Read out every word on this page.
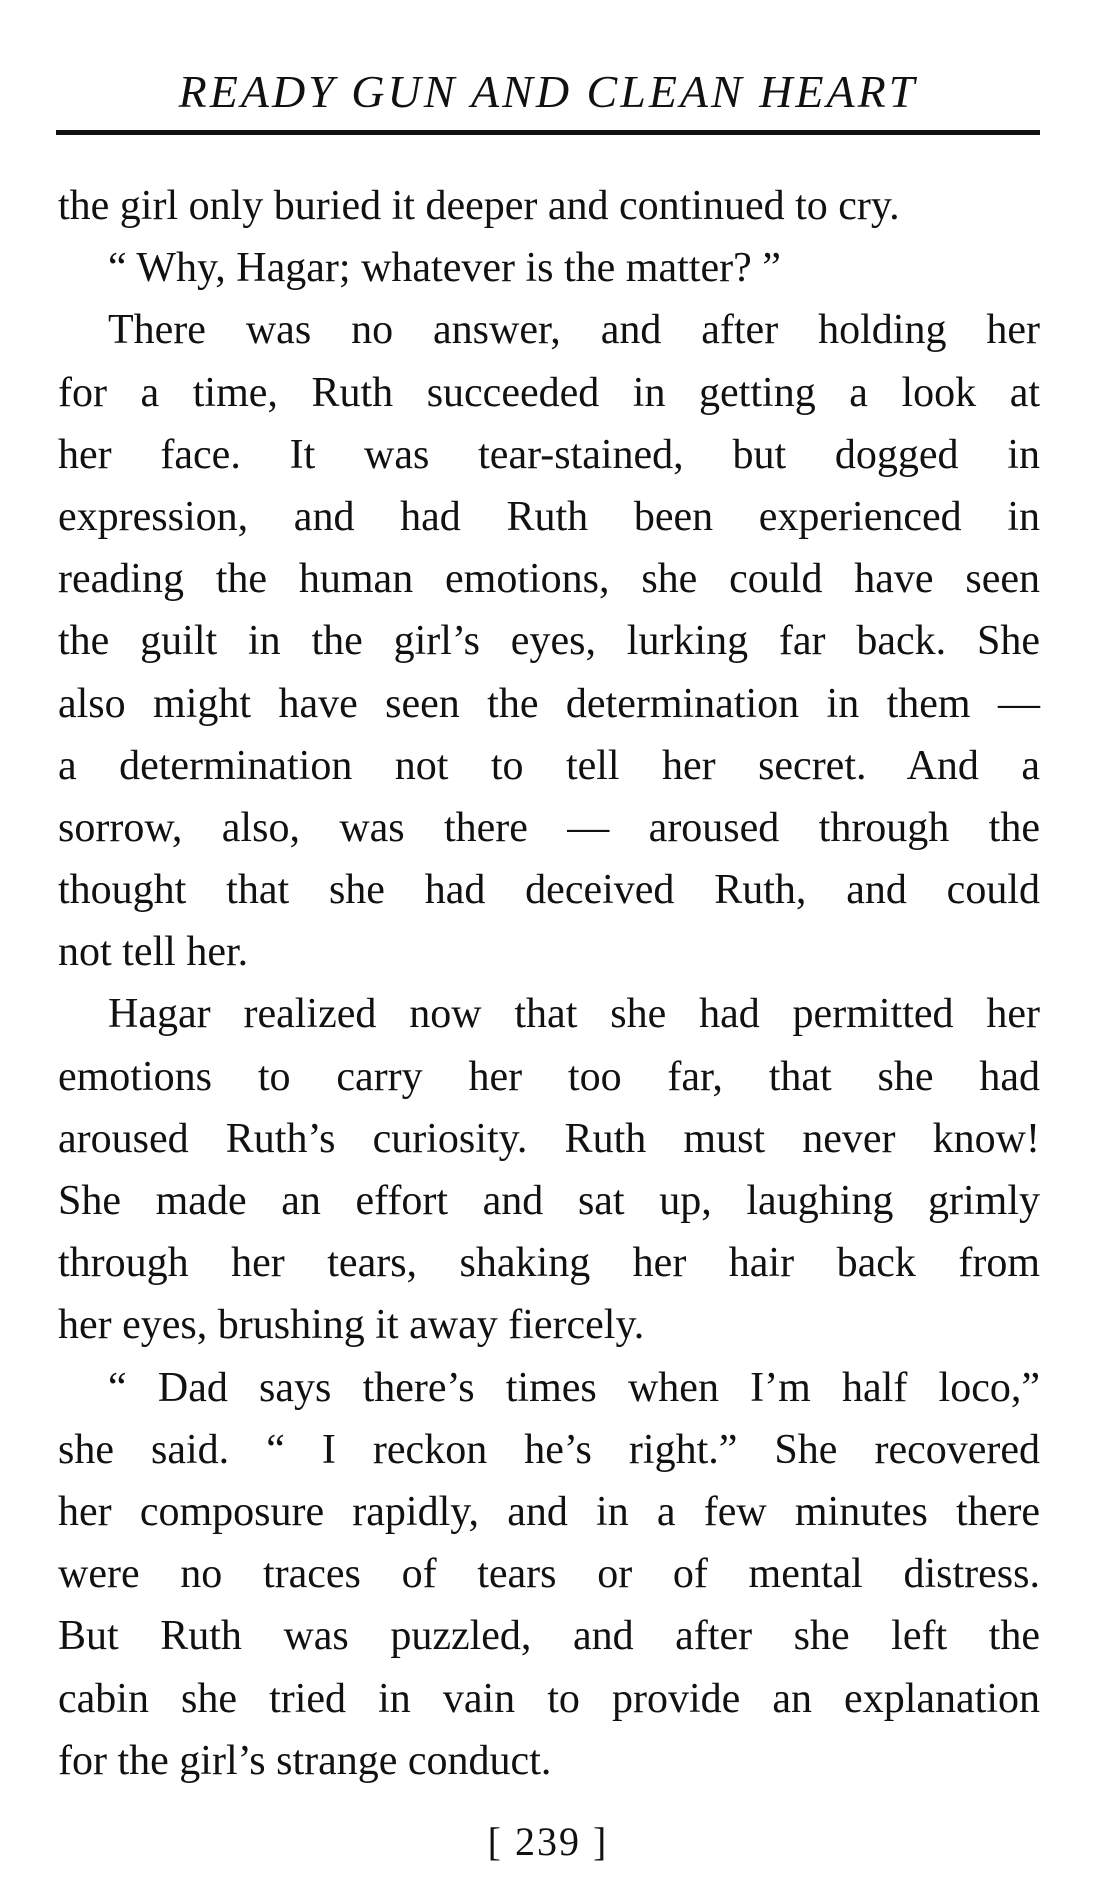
READY GUN AND CLEAN HEART
the girl only buried it deeper and continued to cry.
“ Why, Hagar; whatever is the matter? ”
There was no answer, and after holding her
for a time, Ruth succeeded in getting a look at
her face. It was tear-stained, but dogged in
expression, and had Ruth been experienced in
reading the human emotions, she could have seen
the guilt in the girl’s eyes, lurking far back. She
also might have seen the determination in them —
a determination not to tell her secret. And a
sorrow, also, was there — aroused through the
thought that she had deceived Ruth, and could
not tell her.
Hagar realized now that she had permitted her
emotions to carry her too far, that she had
aroused Ruth’s curiosity. Ruth must never know!
She made an effort and sat up, laughing grimly
through her tears, shaking her hair back from
her eyes, brushing it away fiercely.
“ Dad says there’s times when I’m half loco,”
she said. “ I reckon he’s right.” She recovered
her composure rapidly, and in a few minutes there
were no traces of tears or of mental distress.
But Ruth was puzzled, and after she left the
cabin she tried in vain to provide an explanation
for the girl’s strange conduct.
[ 239 ]
